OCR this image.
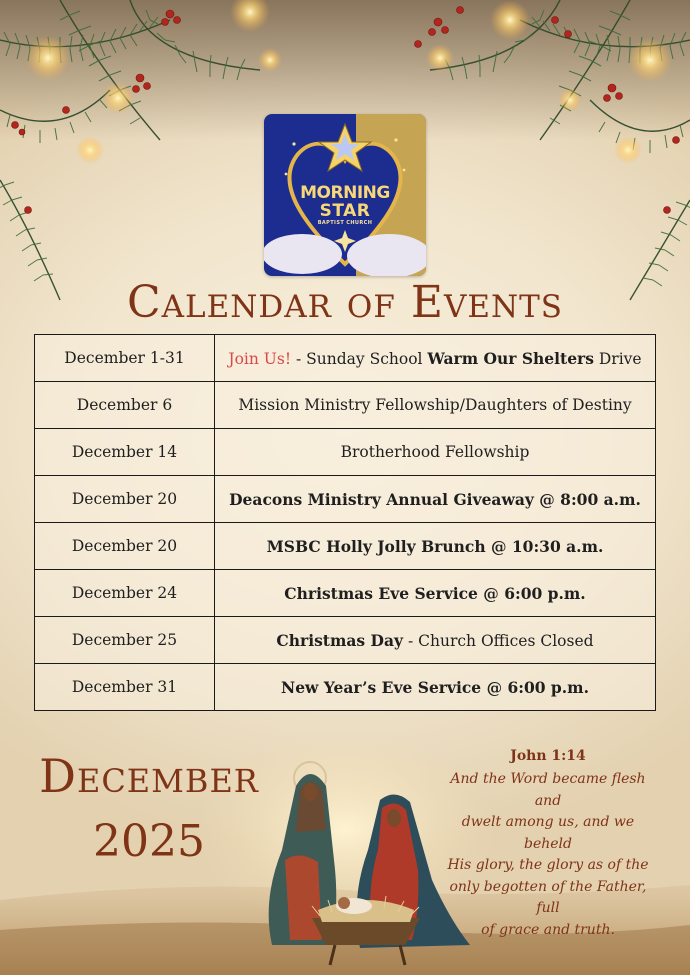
MORNING
STAR
BAPTIST CHURCH
Calendar of Events
December 1-31	Join Us! - Sunday School Warm Our Shelters Drive
December 6	Mission Ministry Fellowship/Daughters of Destiny
December 14	Brotherhood Fellowship
December 20	Deacons Ministry Annual Giveaway @ 8:00 a.m.
December 20	MSBC Holly Jolly Brunch @ 10:30 a.m.
December 24	Christmas Eve Service @ 6:00 p.m.
December 25	Christmas Day - Church Offices Closed
December 31	New Year’s Eve Service @ 6:00 p.m.
December
2025
John 1:14
And the Word became flesh and
dwelt among us, and we beheld
His glory, the glory as of the
only begotten of the Father, full
of grace and truth.
